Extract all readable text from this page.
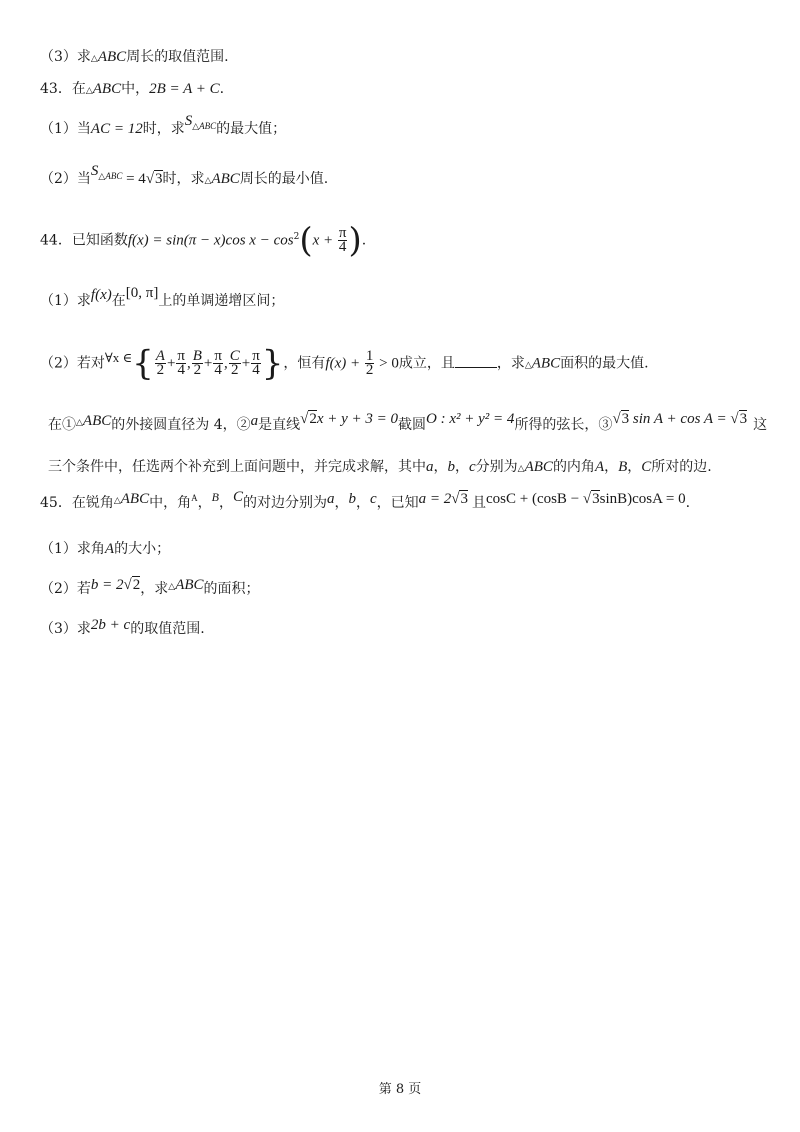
（3）求△ABC周长的取值范围.
43．在△ABC中，2B = A + C.
（1）当AC = 12时，求$S^{\triangle ABC}$的最大值；
（2）当$S^{\triangle ABC} = 4√3$时，求△ABC周长的最小值.
44．已知函数f(x) = sin(π − x)cos $x - \cos^2(x + \frac{\pi}{4}$ ).
（1）求f(x)在[0, π]上的单调递增区间；
（2）若对∀x ∈{ $\frac{A}{2} + \frac{\pi}{4}$ , $\frac{B}{2} + \frac{\pi}{4}$ , $\frac{C}{2} + \frac{\pi}{4}$ }，恒有$f(x) + \frac{1}{2} > 0$成立，且	，求△ABC面积的最大值.
在①△ABC的外接圆直径为 4，②a是直线√2x + y + 3 = 0截圆O : x² + y² = 4所得的弦长，③√3 sin A + cos A = √3 这
三个条件中，任选两个补充到上面问题中，并完成求解，其中a，b，c分别为△ABC的内角A，B，C所对的边.
45．在锐角△ABC中，角$^A$，B，C的对边分别为a，b，c，已知a = 2√3 且cosC + (cosB − √3sinB)cosA = 0.
（1）求角A的大小；
（2）若b = 2√2，求△ABC的面积；
（3）求2b + c的取值范围.
第 8 页
